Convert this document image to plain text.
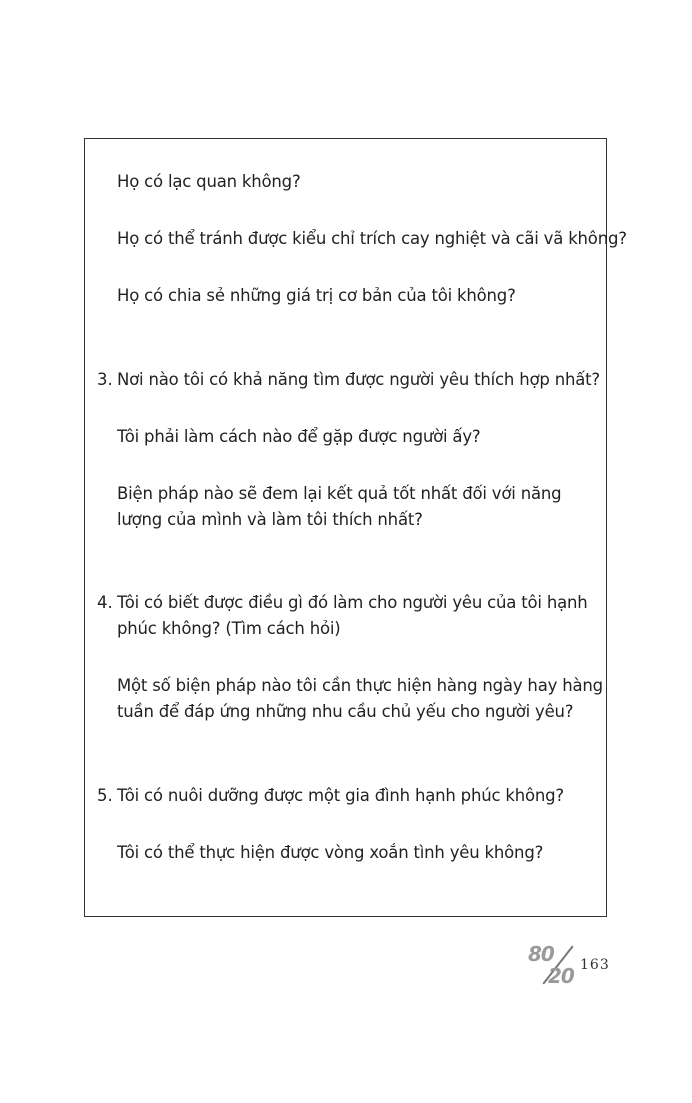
Họ có lạc quan không?
Họ có thể tránh được kiểu chỉ trích cay nghiệt và cãi vã không?
Họ có chia sẻ những giá trị cơ bản của tôi không?
3. Nơi nào tôi có khả năng tìm được người yêu thích hợp nhất?
Tôi phải làm cách nào để gặp được người ấy?
Biện pháp nào sẽ đem lại kết quả tốt nhất đối với năng
lượng của mình và làm tôi thích nhất?
4. Tôi có biết được điều gì đó làm cho người yêu của tôi hạnh
phúc không? (Tìm cách hỏi)
Một số biện pháp nào tôi cần thực hiện hàng ngày hay hàng
tuần để đáp ứng những nhu cầu chủ yếu cho người yêu?
5. Tôi có nuôi dưỡng được một gia đình hạnh phúc không?
Tôi có thể thực hiện được vòng xoắn tình yêu không?
80
20 163
